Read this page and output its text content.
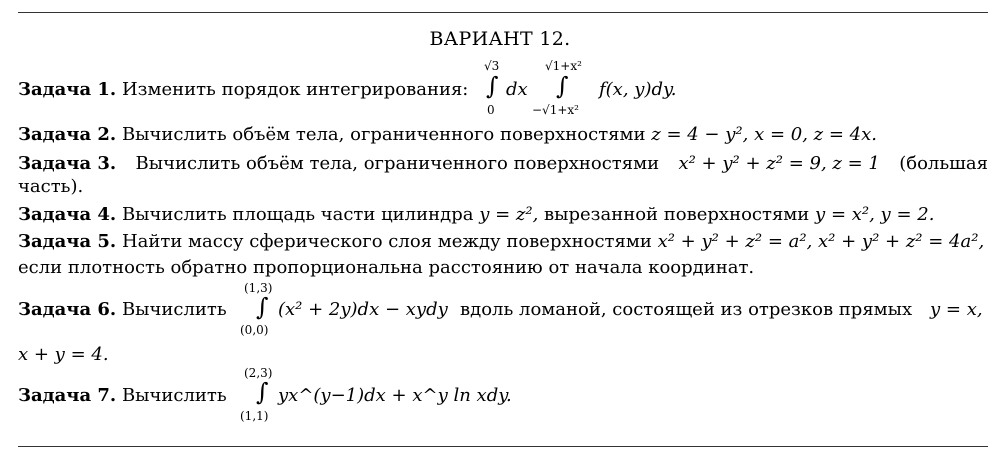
ВАРИАНТ 12.
Задача 1. Изменить порядок интегрирования:
√3
∫
0
dx
√1+x²
∫
−√1+x²
f(x, y)dy.
Задача 2. Вычислить объём тела, ограниченного поверхностями z = 4 − y², x = 0, z = 4x.
Задача 3. Вычислить объём тела, ограниченного поверхностями x² + y² + z² = 9, z = 1 (большая
часть).
Задача 4. Вычислить площадь части цилиндра y = z², вырезанной поверхностями y = x², y = 2.
Задача 5. Найти массу сферического слоя между поверхностями x² + y² + z² = a², x² + y² + z² = 4a²,
если плотность обратно пропорциональна расстоянию от начала координат.
Задача 6. Вычислить
(1,3)
∫
(0,0)
(x² + 2y)dx − xydy вдоль ломаной, состоящей из отрезков прямых y = x,
x + y = 4.
Задача 7. Вычислить
(2,3)
∫
(1,1)
yx^(y−1)dx + x^y ln xdy.
